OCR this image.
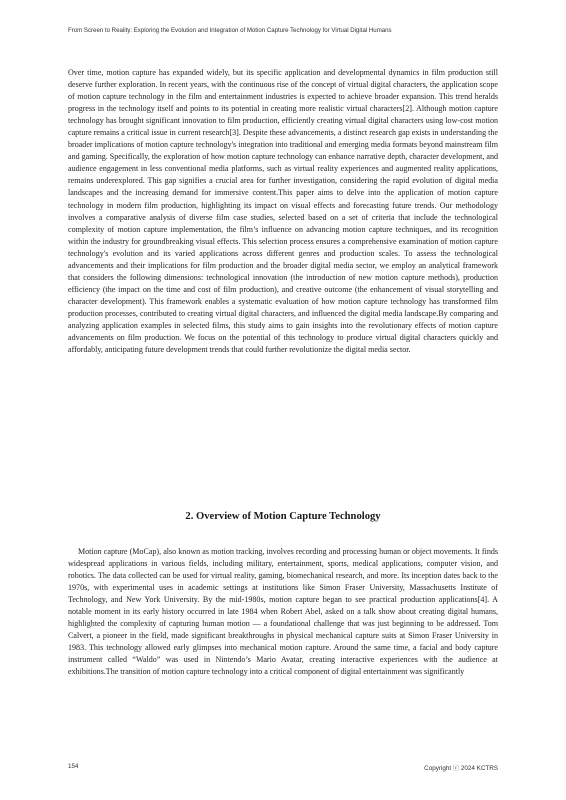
From Screen to Reality: Exploring the Evolution and Integration of Motion Capture Technology for Virtual Digital Humans

Over time, motion capture has expanded widely, but its specific application and developmental dynamics in film production still deserve further exploration. In recent years, with the continuous rise of the concept of virtual digital characters, the application scope of motion capture technology in the film and entertainment industries is expected to achieve broader expansion. This trend heralds progress in the technology itself and points to its potential in creating more realistic virtual characters[2]. Although motion capture technology has brought significant innovation to film production, efficiently creating virtual digital characters using low-cost motion capture remains a critical issue in current research[3]. Despite these advancements, a distinct research gap exists in understanding the broader implications of motion capture technology's integration into traditional and emerging media formats beyond mainstream film and gaming. Specifically, the exploration of how motion capture technology can enhance narrative depth, character development, and audience engagement in less conventional media platforms, such as virtual reality experiences and augmented reality applications, remains underexplored. This gap signifies a crucial area for further investigation, considering the rapid evolution of digital media landscapes and the increasing demand for immersive content.This paper aims to delve into the application of motion capture technology in modern film production, highlighting its impact on visual effects and forecasting future trends. Our methodology involves a comparative analysis of diverse film case studies, selected based on a set of criteria that include the technological complexity of motion capture implementation, the film’s influence on advancing motion capture techniques, and its recognition within the industry for groundbreaking visual effects. This selection process ensures a comprehensive examination of motion capture technology's evolution and its varied applications across different genres and production scales. To assess the technological advancements and their implications for film production and the broader digital media sector, we employ an analytical framework that considers the following dimensions: technological innovation (the introduction of new motion capture methods), production efficiency (the impact on the time and cost of film production), and creative outcome (the enhancement of visual storytelling and character development). This framework enables a systematic evaluation of how motion capture technology has transformed film production processes, contributed to creating virtual digital characters, and influenced the digital media landscape.By comparing and analyzing application examples in selected films, this study aims to gain insights into the revolutionary effects of motion capture advancements on film production. We focus on the potential of this technology to produce virtual digital characters quickly and affordably, anticipating future development trends that could further revolutionize the digital media sector.

2. Overview of Motion Capture Technology

Motion capture (MoCap), also known as motion tracking, involves recording and processing human or object movements. It finds widespread applications in various fields, including military, entertainment, sports, medical applications, computer vision, and robotics. The data collected can be used for virtual reality, gaming, biomechanical research, and more. Its inception dates back to the 1970s, with experimental uses in academic settings at institutions like Simon Fraser University, Massachusetts Institute of Technology, and New York University. By the mid-1980s, motion capture began to see practical production applications[4]. A notable moment in its early history occurred in late 1984 when Robert Abel, asked on a talk show about creating digital humans, highlighted the complexity of capturing human motion — a foundational challenge that was just beginning to be addressed. Tom Calvert, a pioneer in the field, made significant breakthroughs in physical mechanical capture suits at Simon Fraser University in 1983. This technology allowed early glimpses into mechanical motion capture. Around the same time, a facial and body capture instrument called “Waldo” was used in Nintendo’s Mario Avatar, creating interactive experiences with the audience at exhibitions.The transition of motion capture technology into a critical component of digital entertainment was significantly

154	Copyright ⓒ 2024 KCTRS
